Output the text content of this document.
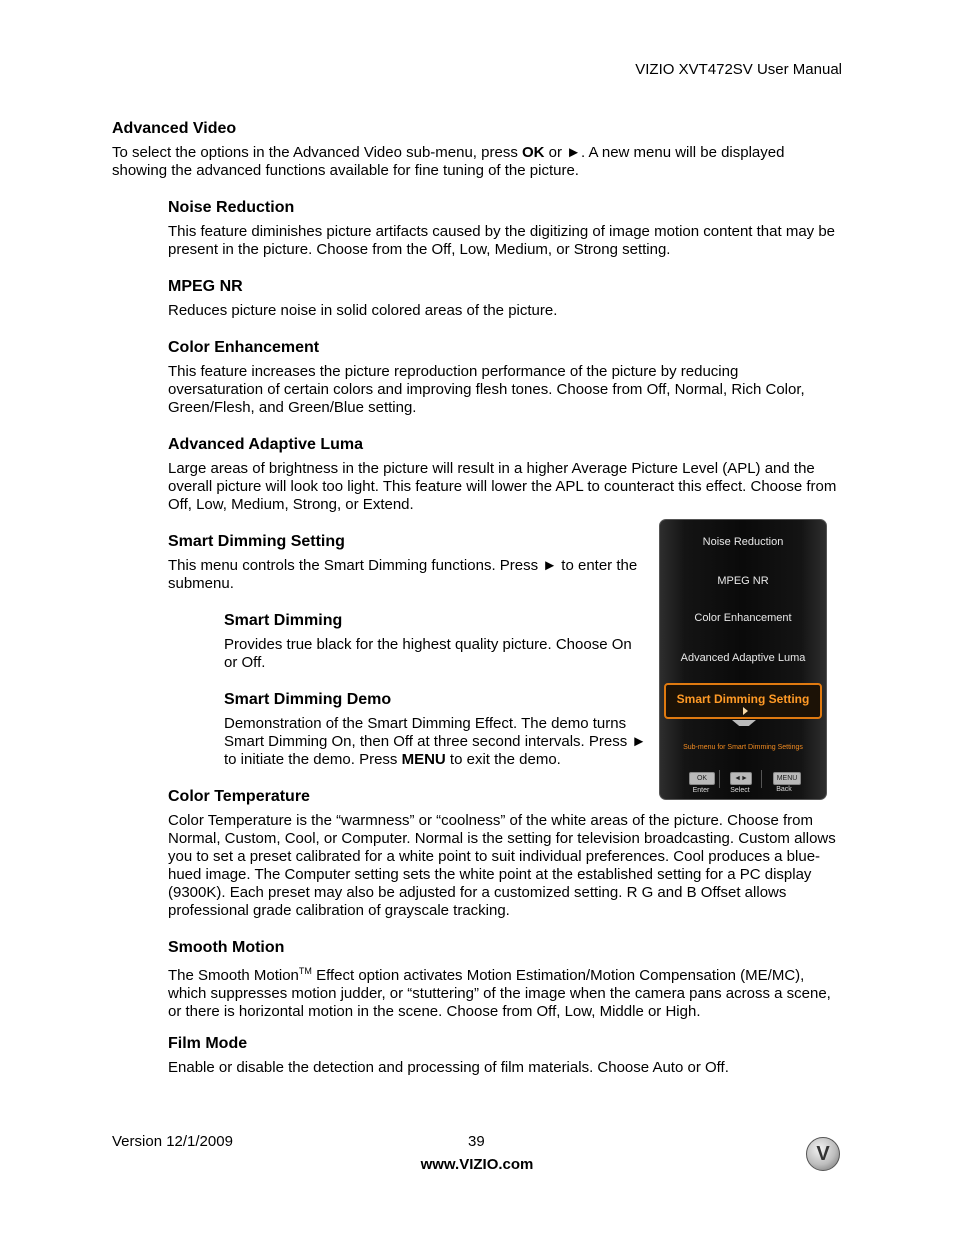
VIZIO XVT472SV User Manual
Advanced Video

To select the options in the Advanced Video sub-menu, press OK or ►. A new menu will be displayed showing the advanced functions available for fine tuning of the picture.

Noise Reduction

This feature diminishes picture artifacts caused by the digitizing of image motion content that may be present in the picture. Choose from the Off, Low, Medium, or Strong setting.

MPEG NR

Reduces picture noise in solid colored areas of the picture.

Color Enhancement

This feature increases the picture reproduction performance of the picture by reducing oversaturation of certain colors and improving flesh tones. Choose from Off, Normal, Rich Color, Green/Flesh, and Green/Blue setting.

Advanced Adaptive Luma

Large areas of brightness in the picture will result in a higher Average Picture Level (APL) and the overall picture will look too light. This feature will lower the APL to counteract this effect. Choose from Off, Low, Medium, Strong, or Extend.

Smart Dimming Setting

This menu controls the Smart Dimming functions. Press ► to enter the submenu.

Smart Dimming

Provides true black for the highest quality picture. Choose On or Off.

Smart Dimming Demo

Demonstration of the Smart Dimming Effect. The demo turns Smart Dimming On, then Off at three second intervals. Press ► to initiate the demo. Press MENU to exit the demo.

Color Temperature

Color Temperature is the “warmness” or “coolness” of the white areas of the picture. Choose from Normal, Custom, Cool, or Computer. Normal is the setting for television broadcasting. Custom allows you to set a preset calibrated for a white point to suit individual preferences. Cool produces a blue-hued image. The Computer setting sets the white point at the established setting for a PC display (9300K). Each preset may also be adjusted for a customized setting. R G and B Offset allows professional grade calibration of grayscale tracking.

Smooth Motion

The Smooth Motion™ Effect option activates Motion Estimation/Motion Compensation (ME/MC), which suppresses motion judder, or “stuttering” of the image when the camera pans across a scene, or there is horizontal motion in the scene. Choose from Off, Low, Middle or High.

Film Mode

Enable or disable the detection and processing of film materials. Choose Auto or Off.

Noise Reduction
MPEG NR
Color Enhancement
Advanced Adaptive Luma
Smart Dimming Setting
Sub-menu for Smart Dimming Settings
OK
Enter
◄►
Select
MENU
Back
Version 12/1/2009	39
www.VIZIO.com	V
